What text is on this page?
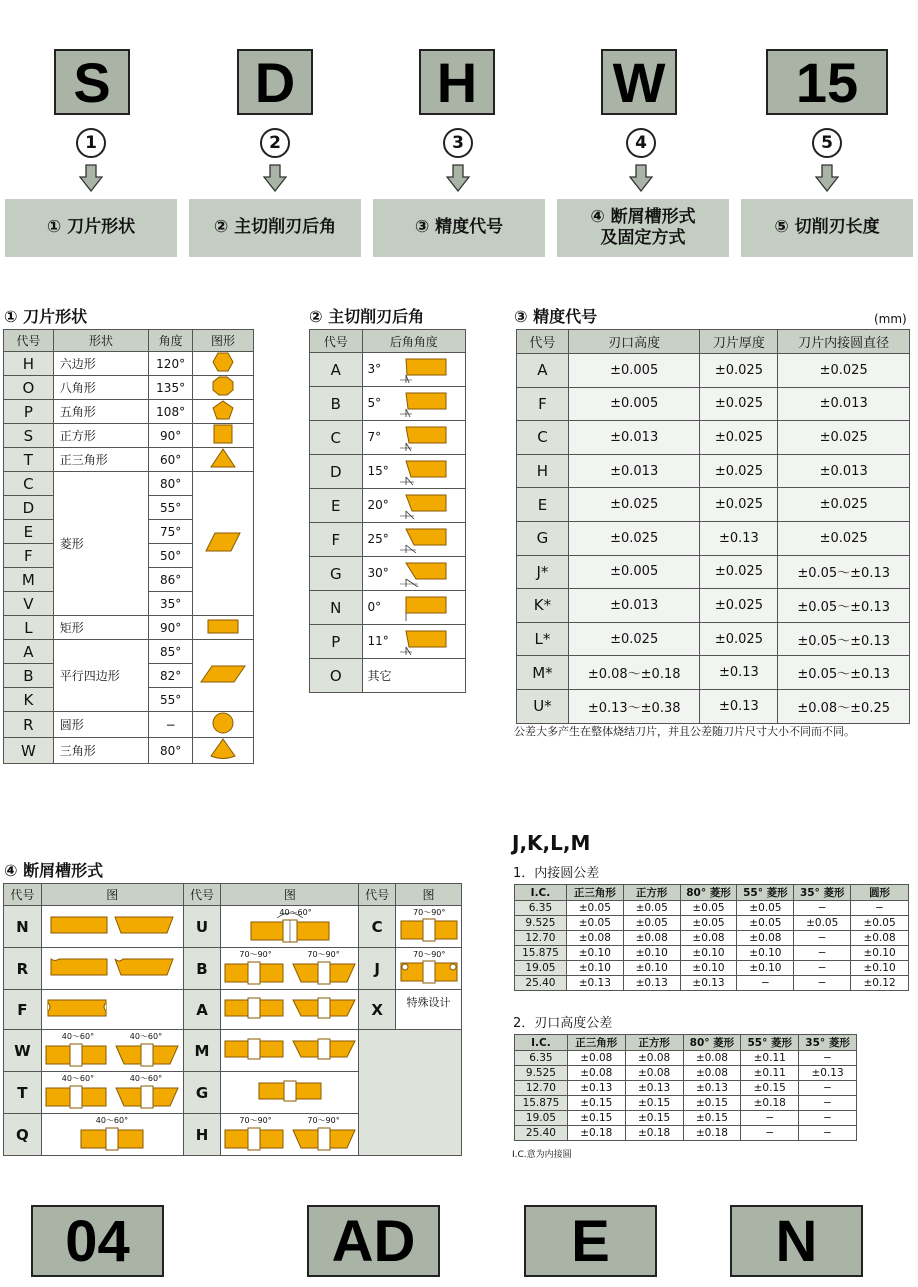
S	D	H	W	15
1	2	3	4	5
① 刀片形状	② 主切削刃后角	③ 精度代号
④ 断屑槽形式
及固定方式
⑤ 切削刃长度
① 刀片形状
代号	形状	角度	图形
H	六边形	120°	
O	八角形	135°	
P	五角形	108°	
S	正方形	90°	
T	正三角形	60°	
C	菱形	80°	
D		55°	
E		75°	
F		50°	
M		86°	
V		35°	
L	矩形	90°	
A	平行四边形	85°	
B		82°	
K		55°	
R	圆形	−	
W	三角形	80°	
② 主切削刃后角
代号	后角角度
A	3°
B	5°
C	7°
D	15°
E	20°
F	25°
G	30°
N	0°
P	11°
O	其它
③ 精度代号	(mm)
代号	刃口高度	刀片厚度	刀片内接圆直径
A	±0.005	±0.025	±0.025
F	±0.005	±0.025	±0.013
C	±0.013	±0.025	±0.025
H	±0.013	±0.025	±0.013
E	±0.025	±0.025	±0.025
G	±0.025	±0.13	±0.025
J*	±0.005	±0.025	±0.05～±0.13
K*	±0.013	±0.025	±0.05～±0.13
L*	±0.025	±0.025	±0.05～±0.13
M*	±0.08～±0.18	±0.13	±0.05～±0.13
U*	±0.13～±0.38	±0.13	±0.08～±0.25
公差大多产生在整体烧结刀片，并且公差随刀片尺寸大小不同而不同。
④ 断屑槽形式
代号	图	代号	图	代号	图
N		U	40～60°	C	70～90°

R		B	70～90° 70～90°	J	70～90°

F		A		X	特殊设计
W	40～60° 40～60°	M		
T	40～60° 40～60°	G	
Q	40～60°	H	70～90° 70～90°		
J,K,L,M
1．内接圆公差
I.C.	正三角形	正方形	80° 菱形	55° 菱形	35° 菱形	圆形
6.35	±0.05	±0.05	±0.05	±0.05	−	−
9.525	±0.05	±0.05	±0.05	±0.05	±0.05	±0.05
12.70	±0.08	±0.08	±0.08	±0.08	−	±0.08
15.875	±0.10	±0.10	±0.10	±0.10	−	±0.10
19.05	±0.10	±0.10	±0.10	±0.10	−	±0.10
25.40	±0.13	±0.13	±0.13	−	−	±0.12
2．刃口高度公差
I.C.	正三角形	正方形	80° 菱形	55° 菱形	35° 菱形
6.35	±0.08	±0.08	±0.08	±0.11	−
9.525	±0.08	±0.08	±0.08	±0.11	±0.13
12.70	±0.13	±0.13	±0.13	±0.15	−
15.875	±0.15	±0.15	±0.15	±0.18	−
19.05	±0.15	±0.15	±0.15	−	−
25.40	±0.18	±0.18	±0.18	−	−
I.C.意为内接圆
04	AD	E	N
